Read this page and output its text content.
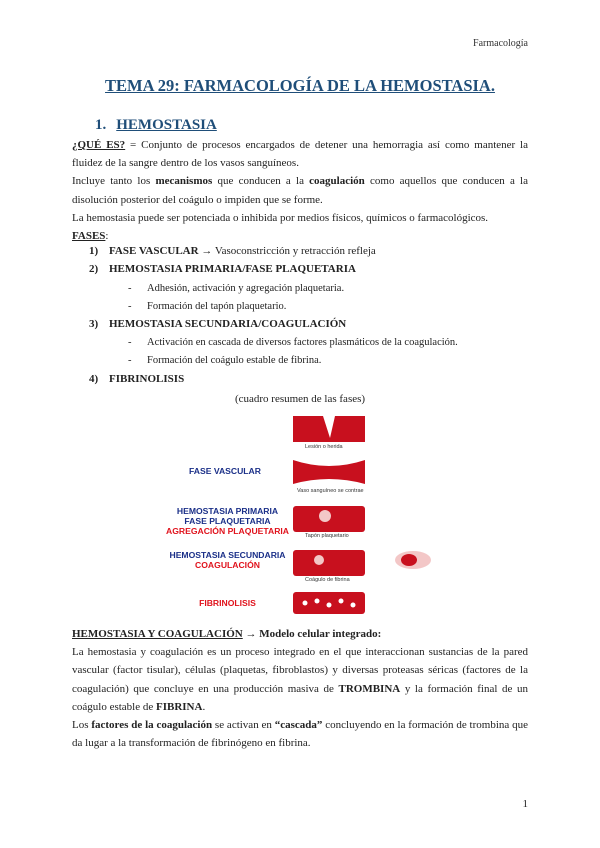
Farmacología
TEMA 29: FARMACOLOGÍA DE LA HEMOSTASIA.
1. HEMOSTASIA

¿QUÉ ES? = Conjunto de procesos encargados de detener una hemorragia así como mantener la fluidez de la sangre dentro de los vasos sanguíneos.

Incluye tanto los mecanismos que conducen a la coagulación como aquellos que conducen a la disolución posterior del coágulo o impiden que se forme.

La hemostasia puede ser potenciada o inhibida por medios físicos, químicos o farmacológicos.

FASES:

1) FASE VASCULAR → Vasoconstricción y retracción refleja
2) HEMOSTASIA PRIMARIA/FASE PLAQUETARIA
- Adhesión, activación y agregación plaquetaria.
- Formación del tapón plaquetario.
3) HEMOSTASIA SECUNDARIA/COAGULACIÓN
- Activación en cascada de diversos factores plasmáticos de la coagulación.
- Formación del coágulo estable de fibrina.
4) FIBRINOLISIS
(cuadro resumen de las fases)
FASE VASCULAR
HEMOSTASIA PRIMARIA
FASE PLAQUETARIA
AGREGACIÓN PLAQUETARIA
HEMOSTASIA SECUNDARIA
COAGULACIÓN
FIBRINOLISIS
Lesión o herida
Vaso sanguíneo se contrae
Tapón plaquetario
Coágulo de fibrina

HEMOSTASIA Y COAGULACIÓN → Modelo celular integrado:

La hemostasia y coagulación es un proceso integrado en el que interaccionan sustancias de la pared vascular (factor tisular), células (plaquetas, fibroblastos) y diversas proteasas séricas (factores de la coagulación) que concluye en una producción masiva de TROMBINA y la formación final de un coágulo estable de FIBRINA.

Los factores de la coagulación se activan en “cascada” concluyendo en la formación de trombina que da lugar a la transformación de fibrinógeno en fibrina.

1
